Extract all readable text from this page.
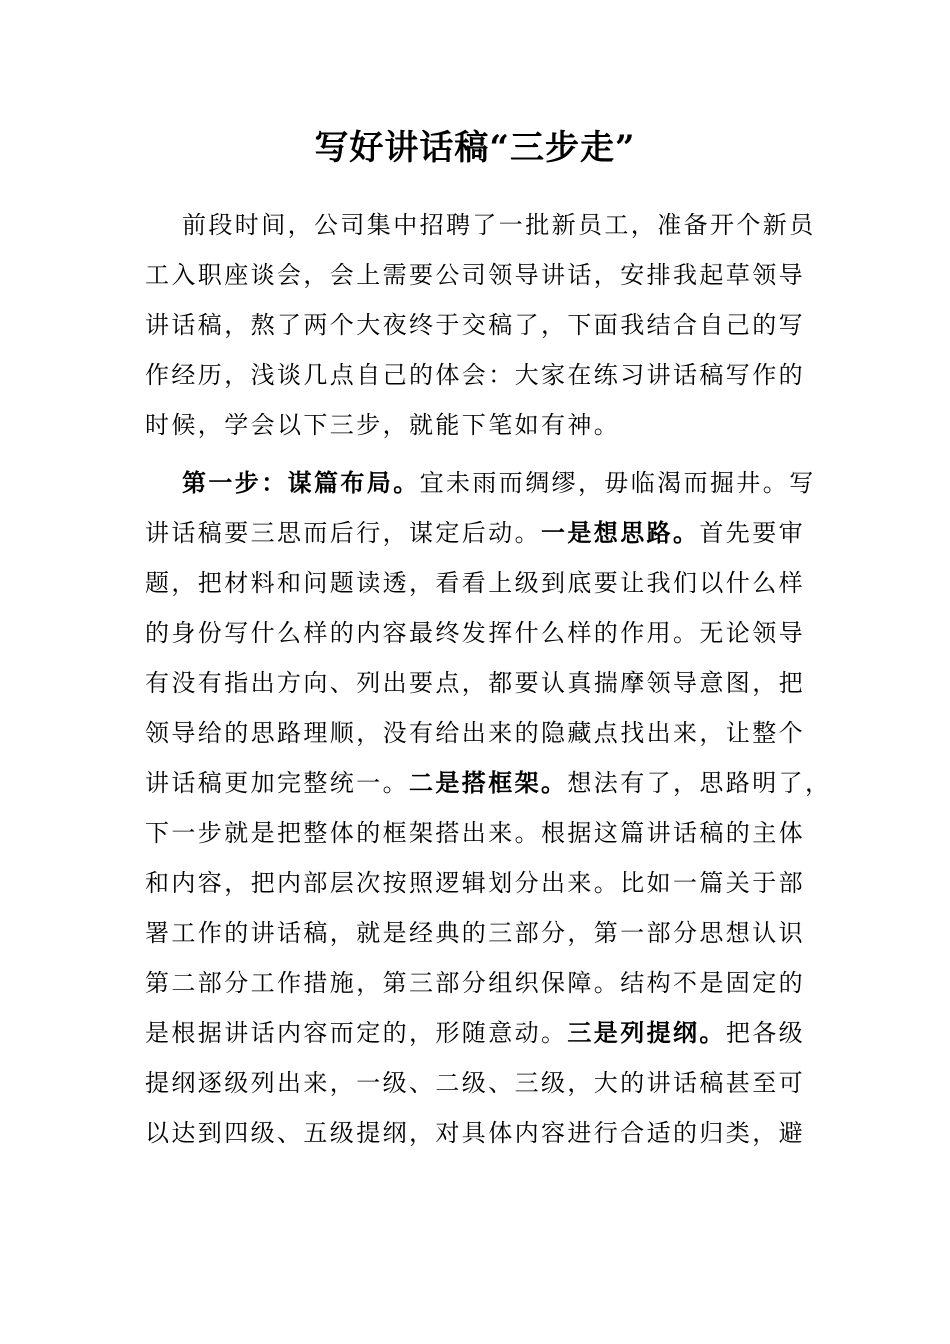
写好讲话稿“三步走”
前段时间，公司集中招聘了一批新员工，准备开个新员
工入职座谈会，会上需要公司领导讲话，安排我起草领导
讲话稿，熬了两个大夜终于交稿了，下面我结合自己的写
作经历，浅谈几点自己的体会：大家在练习讲话稿写作的
时候，学会以下三步，就能下笔如有神。
第一步：谋篇布局。宜未雨而绸缪，毋临渴而掘井。写
讲话稿要三思而后行，谋定后动。一是想思路。首先要审
题，把材料和问题读透，看看上级到底要让我们以什么样
的身份写什么样的内容最终发挥什么样的作用。无论领导
有没有指出方向、列出要点，都要认真揣摩领导意图，把
领导给的思路理顺，没有给出来的隐藏点找出来，让整个
讲话稿更加完整统一。二是搭框架。想法有了，思路明了，
下一步就是把整体的框架搭出来。根据这篇讲话稿的主体
和内容，把内部层次按照逻辑划分出来。比如一篇关于部
署工作的讲话稿，就是经典的三部分，第一部分思想认识
第二部分工作措施，第三部分组织保障。结构不是固定的
是根据讲话内容而定的，形随意动。三是列提纲。把各级
提纲逐级列出来，一级、二级、三级，大的讲话稿甚至可
以达到四级、五级提纲，对具体内容进行合适的归类，避
